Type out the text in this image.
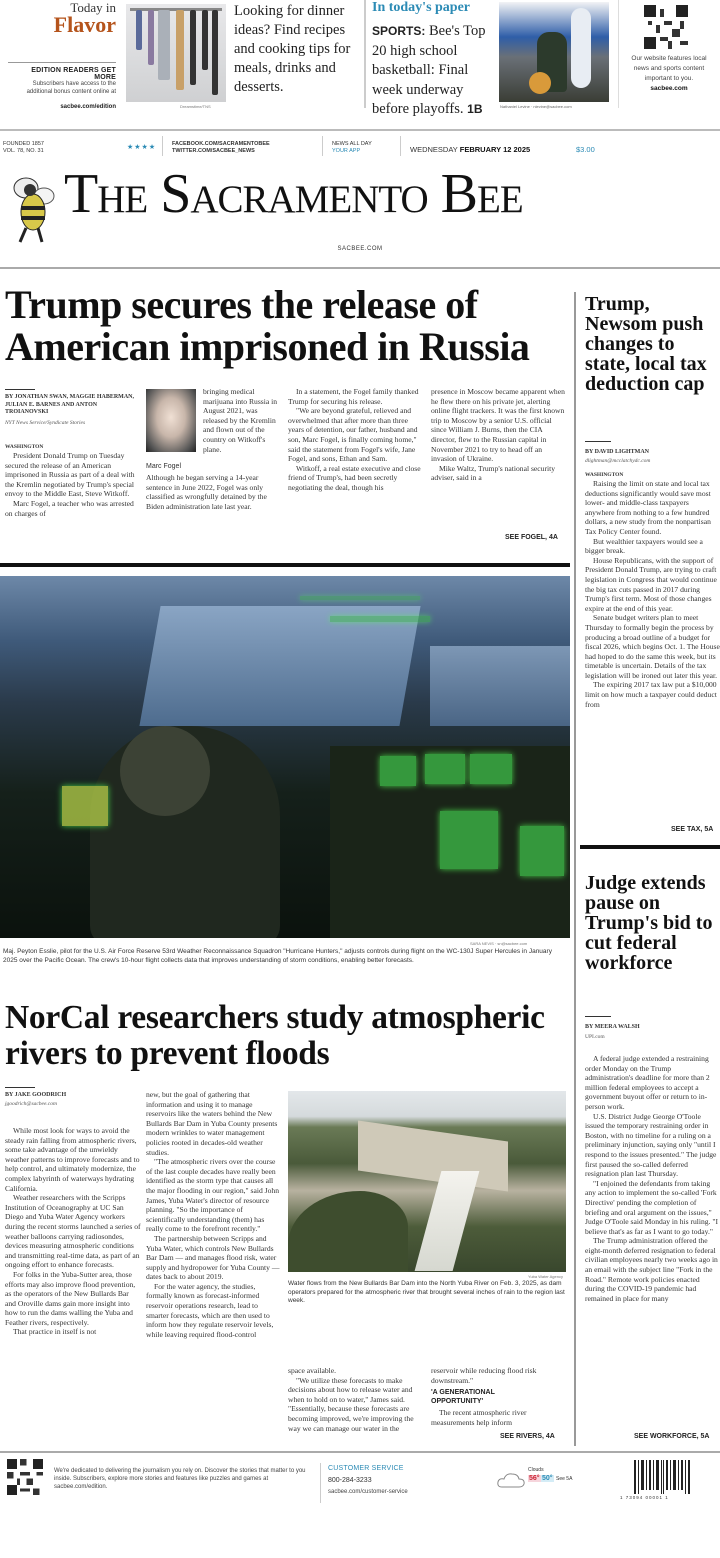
Today in
Flavor
EDITION READERS GET MORE
Subscribers have access to the additional bonus content online at
sacbee.com/edition	Dreamstime/TNS
Looking for dinner ideas? Find recipes and cooking tips for meals, drinks and desserts.
In today's paper
SPORTS: Bee's Top 20 high school basketball: Final week underway before playoffs. 1B	Nathaniel Levine · nlevine@sacbee.com
Our website features local news and sports content important to you.
sacbee.com
FOUNDED 1857
VOL. 78, NO. 31	★★★★	FACEBOOK.COM/SACRAMENTOBEE
TWITTER.COM/SACBEE_NEWS
NEWS ALL DAY
YOUR APP	WEDNESDAY FEBRUARY 12 2025	$3.00
The Sacramento Bee
SACBEE.COM
Trump secures the release of American imprisoned in Russia
BY JONATHAN SWAN, MAGGIE HABERMAN, JULIAN E. BARNES AND ANTON TROIANOVSKI
NYT News Service/Syndicate Stories
WASHINGTON

President Donald Trump on Tuesday secured the release of an American imprisoned in Russia as part of a deal with the Kremlin negotiated by Trump's special envoy to the Middle East, Steve Witkoff.

Marc Fogel, a teacher who was arrested on charges of

Marc Fogel

bringing medical marijuana into Russia in August 2021, was released by the Kremlin and flown out of the country on Witkoff's plane.

Although he began serving a 14-year sentence in June 2022, Fogel was only classified as wrongfully detained by the Biden administration late last year.

In a statement, the Fogel family thanked Trump for securing his release.

"We are beyond grateful, relieved and overwhelmed that after more than three years of detention, our father, husband and son, Marc Fogel, is finally coming home," said the statement from Fogel's wife, Jane Fogel, and sons, Ethan and Sam.

Witkoff, a real estate executive and close friend of Trump's, had been secretly negotiating the deal, though his

presence in Moscow became apparent when he flew there on his private jet, alerting online flight trackers. It was the first known trip to Moscow by a senior U.S. official since William J. Burns, then the CIA director, flew to the Russian capital in November 2021 to try to head off an invasion of Ukraine.

Mike Waltz, Trump's national security adviser, said in a

SEE FOGEL, 4A
SARA NEVIS · sn@sacbee.com
Maj. Peyton Esslie, pilot for the U.S. Air Force Reserve 53rd Weather Reconnaissance Squadron "Hurricane Hunters," adjusts controls during flight on the WC-130J Super Hercules in January 2025 over the Pacific Ocean. The crew's 10-hour flight collects data that improves understanding of storm conditions, enabling better forecasts.
NorCal researchers study atmospheric rivers to prevent floods
BY JAKE GOODRICH
jgoodrich@sacbee.com

While most look for ways to avoid the steady rain falling from atmospheric rivers, some take advantage of the unwieldy weather patterns to improve forecasts and to help control, and ultimately modernize, the complex labyrinth of waterways hydrating California.

Weather researchers with the Scripps Institution of Oceanography at UC San Diego and Yuba Water Agency workers during the recent storms launched a series of weather balloons carrying radiosondes, devices measuring atmospheric conditions and transmitting real-time data, as part of an ongoing effort to enhance forecasts.

For folks in the Yuba-Sutter area, those efforts may also improve flood prevention, as the operators of the New Bullards Bar and Oroville dams gain more insight into how to run the dams walling the Yuba and Feather rivers, respectively.

That practice in itself is not

new, but the goal of gathering that information and using it to manage reservoirs like the waters behind the New Bullards Bar Dam in Yuba County presents modern wrinkles to water management policies rooted in decades-old weather studies.

"The atmospheric rivers over the course of the last couple decades have really been identified as the storm type that causes all the major flooding in our region," said John James, Yuba Water's director of resource planning. "So the importance of scientifically understanding (them) has really come to the forefront recently."

The partnership between Scripps and Yuba Water, which controls New Bullards Bar Dam — and manages flood risk, water supply and hydropower for Yuba County — dates back to about 2019.

For the water agency, the studies, formally known as forecast-informed reservoir operations research, lead to smarter forecasts, which are then used to inform how they regulate reservoir levels, while leaving required flood-control

Yuba Water Agency
Water flows from the New Bullards Bar Dam into the North Yuba River on Feb. 3, 2025, as dam operators prepared for the atmospheric river that brought several inches of rain to the region last week.

space available.

"We utilize these forecasts to make decisions about how to release water and when to hold on to water," James said. "Essentially, because these forecasts are becoming improved, we're improving the way we can manage our water in the

reservoir while reducing flood risk downstream."

'A GENERATIONAL OPPORTUNITY'

The recent atmospheric river measurements help inform

SEE RIVERS, 4A
Trump, Newsom push changes to state, local tax deduction cap
BY DAVID LIGHTMAN
dlightman@mcclatchydc.com
WASHINGTON

Raising the limit on state and local tax deductions significantly would save most lower- and middle-class taxpayers anywhere from nothing to a few hundred dollars, a new study from the nonpartisan Tax Policy Center found.

But wealthier taxpayers would see a bigger break.

House Republicans, with the support of President Donald Trump, are trying to craft legislation in Congress that would continue the big tax cuts passed in 2017 during Trump's first term. Most of those changes expire at the end of this year.

Senate budget writers plan to meet Thursday to formally begin the process by producing a broad outline of a budget for fiscal 2026, which begins Oct. 1. The House had hoped to do the same this week, but its timetable is uncertain. Details of the tax legislation will be ironed out later this year.

The expiring 2017 tax law put a $10,000 limit on how much a taxpayer could deduct from

SEE TAX, 5A
Judge extends pause on Trump's bid to cut federal workforce
BY MEERA WALSH
UPI.com

A federal judge extended a restraining order Monday on the Trump administration's deadline for more than 2 million federal employees to accept a government buyout offer or return to in-person work.

U.S. District Judge George O'Toole issued the temporary restraining order in Boston, with no timeline for a ruling on a preliminary injunction, saying only "until I respond to the issues presented." The judge first paused the so-called deferred resignation plan last Thursday.

"I enjoined the defendants from taking any action to implement the so-called 'Fork Directive' pending the completion of briefing and oral argument on the issues," Judge O'Toole said Monday in his ruling. "I believe that's as far as I want to go today."

The Trump administration offered the eight-month deferred resignation to federal civilian employees nearly two weeks ago in an email with the subject line "Fork in the Road." Remote work policies enacted during the COVID-19 pandemic had remained in place for many

SEE WORKFORCE, 5A
We're dedicated to delivering the journalism you rely on. Discover the stories that matter to you inside. Subscribers, explore more stories and features like puzzles and games at sacbee.com/edition.
CUSTOMER SERVICE
800-284-3233
sacbee.com/customer-service
Clouds
56° 50° See 5A
1 73094 00001 1
